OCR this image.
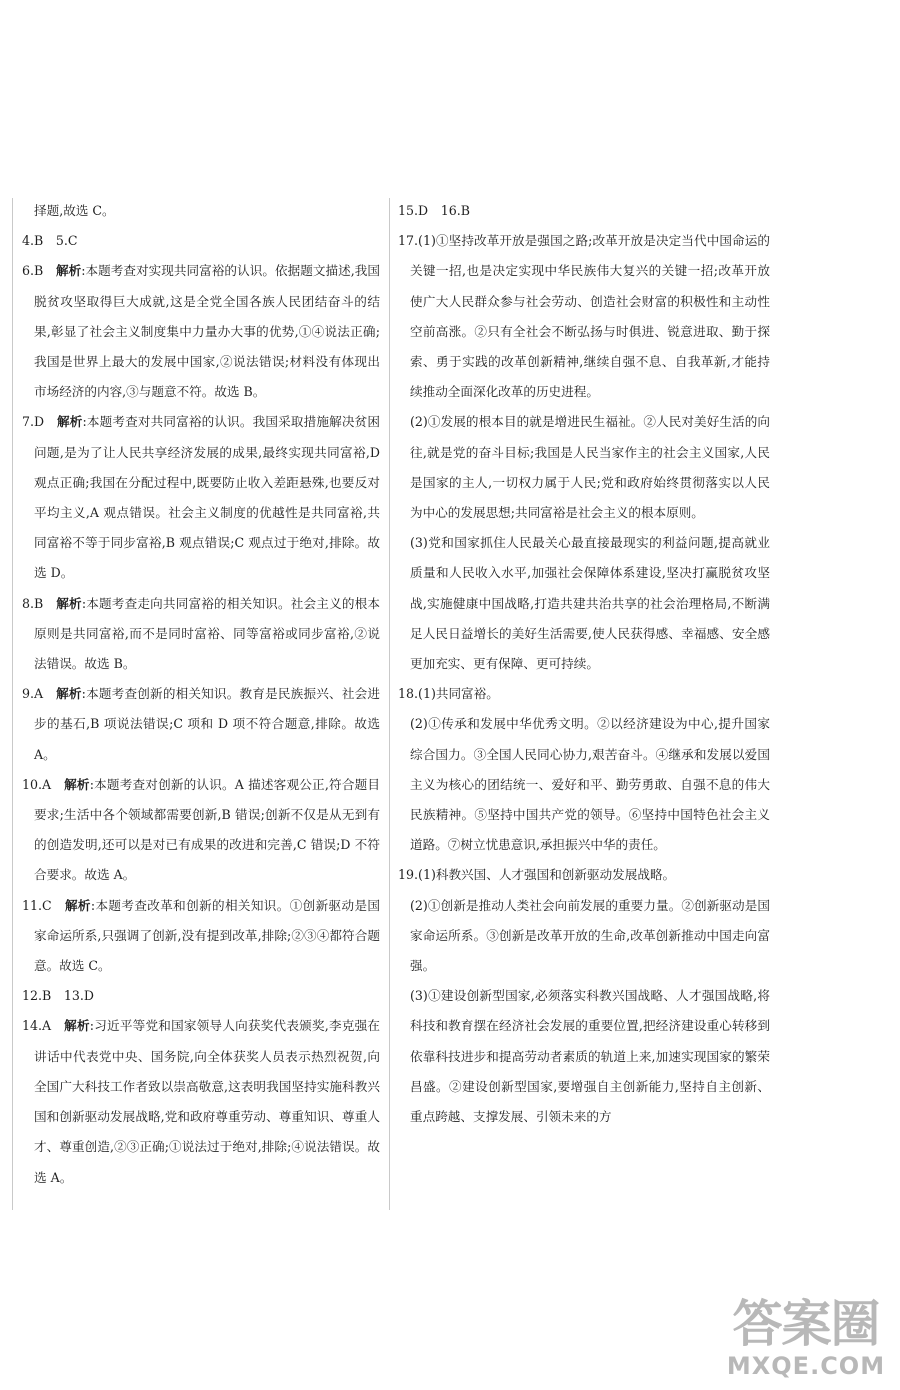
择题,故选 C。
4.B　5.C
6.B　解析:本题考查对实现共同富裕的认识。依据题文描述,我国脱贫攻坚取得巨大成就,这是全党全国各族人民团结奋斗的结果,彰显了社会主义制度集中力量办大事的优势,①④说法正确;我国是世界上最大的发展中国家,②说法错误;材料没有体现出市场经济的内容,③与题意不符。故选 B。
7.D　解析:本题考查对共同富裕的认识。我国采取措施解决贫困问题,是为了让人民共享经济发展的成果,最终实现共同富裕,D 观点正确;我国在分配过程中,既要防止收入差距悬殊,也要反对平均主义,A 观点错误。社会主义制度的优越性是共同富裕,共同富裕不等于同步富裕,B 观点错误;C 观点过于绝对,排除。故选 D。
8.B　解析:本题考查走向共同富裕的相关知识。社会主义的根本原则是共同富裕,而不是同时富裕、同等富裕或同步富裕,②说法错误。故选 B。
9.A　解析:本题考查创新的相关知识。教育是民族振兴、社会进步的基石,B 项说法错误;C 项和 D 项不符合题意,排除。故选 A。
10.A　解析:本题考查对创新的认识。A 描述客观公正,符合题目要求;生活中各个领域都需要创新,B 错误;创新不仅是从无到有的创造发明,还可以是对已有成果的改进和完善,C 错误;D 不符合要求。故选 A。
11.C　解析:本题考查改革和创新的相关知识。①创新驱动是国家命运所系,只强调了创新,没有提到改革,排除;②③④都符合题意。故选 C。
12.B　13.D
14.A　解析:习近平等党和国家领导人向获奖代表颁奖,李克强在讲话中代表党中央、国务院,向全体获奖人员表示热烈祝贺,向全国广大科技工作者致以崇高敬意,这表明我国坚持实施科教兴国和创新驱动发展战略,党和政府尊重劳动、尊重知识、尊重人才、尊重创造,②③正确;①说法过于绝对,排除;④说法错误。故选 A。
15.D　16.B
17.(1)①坚持改革开放是强国之路;改革开放是决定当代中国命运的关键一招,也是决定实现中华民族伟大复兴的关键一招;改革开放使广大人民群众参与社会劳动、创造社会财富的积极性和主动性空前高涨。②只有全社会不断弘扬与时俱进、锐意进取、勤于探索、勇于实践的改革创新精神,继续自强不息、自我革新,才能持续推动全面深化改革的历史进程。
(2)①发展的根本目的就是增进民生福祉。②人民对美好生活的向往,就是党的奋斗目标;我国是人民当家作主的社会主义国家,人民是国家的主人,一切权力属于人民;党和政府始终贯彻落实以人民为中心的发展思想;共同富裕是社会主义的根本原则。
(3)党和国家抓住人民最关心最直接最现实的利益问题,提高就业质量和人民收入水平,加强社会保障体系建设,坚决打赢脱贫攻坚战,实施健康中国战略,打造共建共治共享的社会治理格局,不断满足人民日益增长的美好生活需要,使人民获得感、幸福感、安全感更加充实、更有保障、更可持续。
18.(1)共同富裕。
(2)①传承和发展中华优秀文明。②以经济建设为中心,提升国家综合国力。③全国人民同心协力,艰苦奋斗。④继承和发展以爱国主义为核心的团结统一、爱好和平、勤劳勇敢、自强不息的伟大民族精神。⑤坚持中国共产党的领导。⑥坚持中国特色社会主义道路。⑦树立忧患意识,承担振兴中华的责任。
19.(1)科教兴国、人才强国和创新驱动发展战略。
(2)①创新是推动人类社会向前发展的重要力量。②创新驱动是国家命运所系。③创新是改革开放的生命,改革创新推动中国走向富强。
(3)①建设创新型国家,必须落实科教兴国战略、人才强国战略,将科技和教育摆在经济社会发展的重要位置,把经济建设重心转移到依靠科技进步和提高劳动者素质的轨道上来,加速实现国家的繁荣昌盛。②建设创新型国家,要增强自主创新能力,坚持自主创新、重点跨越、支撑发展、引领未来的方
答案圈
MXQE.COM
